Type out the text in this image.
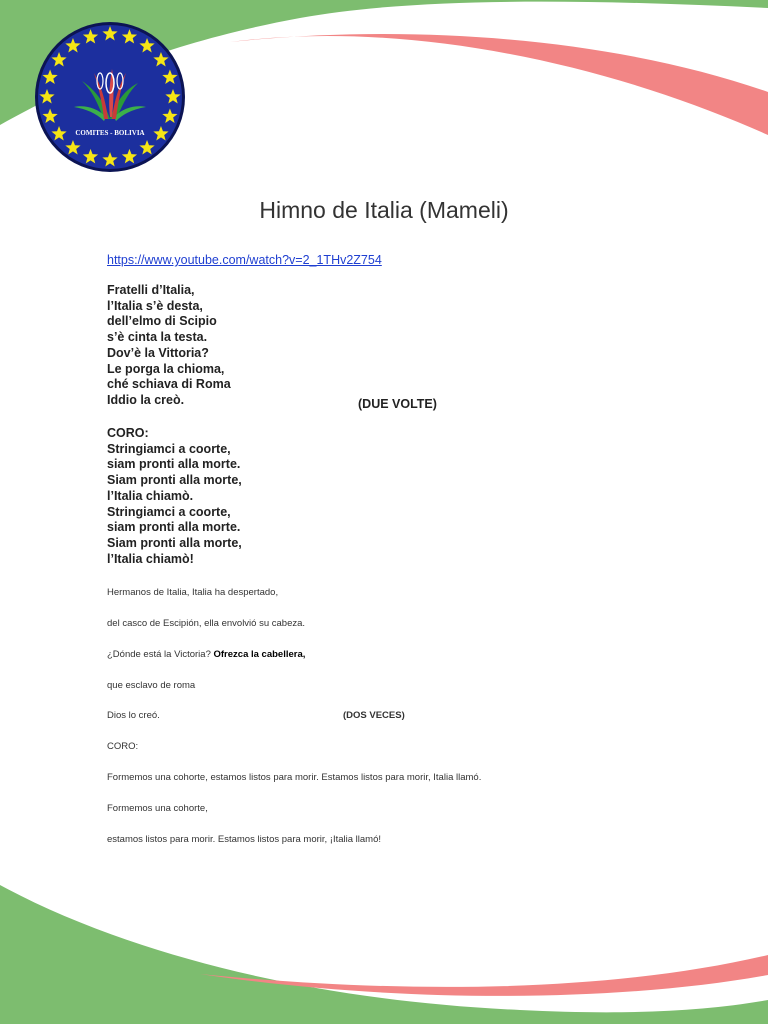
COMITES - BOLIVIA
Himno de Italia (Mameli)
https://www.youtube.com/watch?v=2_1THv2Z754
Fratelli d’Italia,
l’Italia s’è desta,
dell’elmo di Scipio
s’è cinta la testa.
Dov’è la Vittoria?
Le porga la chioma,
ché schiava di Roma
Iddio la creò.	(DUE VOLTE)
CORO:
Stringiamci a coorte,
siam pronti alla morte.
Siam pronti alla morte,
l’Italia chiamò.
Stringiamci a coorte,
siam pronti alla morte.
Siam pronti alla morte,
l’Italia chiamò!
Hermanos de Italia, Italia ha despertado,
del casco de Escipión, ella envolvió su cabeza.
¿Dónde está la Victoria? Ofrezca la cabellera,
que esclavo de roma
Dios lo creó.	(DOS VECES)
CORO:
Formemos una cohorte, estamos listos para morir. Estamos listos para morir, Italia llamó.
Formemos una cohorte,
estamos listos para morir. Estamos listos para morir, ¡Italia llamó!
